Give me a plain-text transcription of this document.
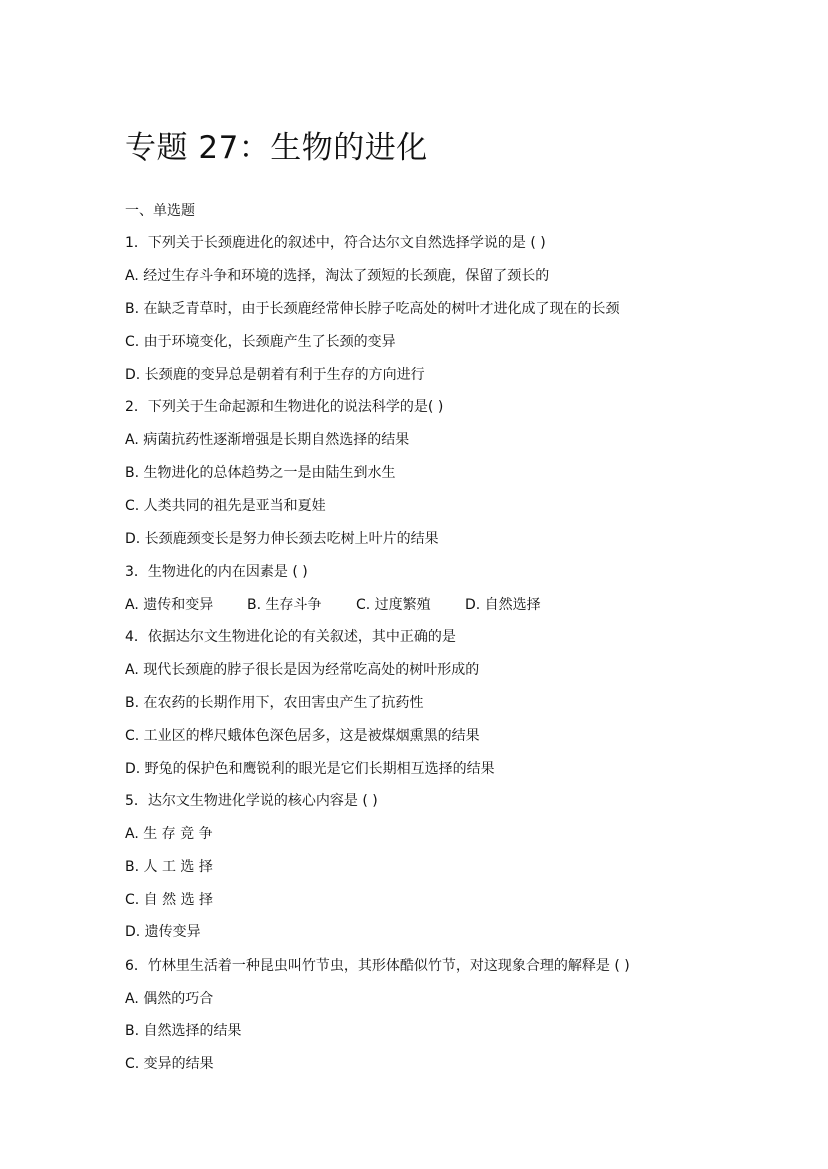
专题 27：生物的进化
一、单选题
1．下列关于长颈鹿进化的叙述中，符合达尔文自然选择学说的是 ( )
A. 经过生存斗争和环境的选择，淘汰了颈短的长颈鹿，保留了颈长的
B. 在缺乏青草时，由于长颈鹿经常伸长脖子吃高处的树叶才进化成了现在的长颈
C. 由于环境变化，长颈鹿产生了长颈的变异
D. 长颈鹿的变异总是朝着有利于生存的方向进行
2．下列关于生命起源和生物进化的说法科学的是( )
A. 病菌抗药性逐渐增强是长期自然选择的结果
B. 生物进化的总体趋势之一是由陆生到水生
C. 人类共同的祖先是亚当和夏娃
D. 长颈鹿颈变长是努力伸长颈去吃树上叶片的结果
3．生物进化的内在因素是 ( )
A. 遗传和变异 B. 生存斗争 C. 过度繁殖 D. 自然选择
4．依据达尔文生物进化论的有关叙述，其中正确的是
A. 现代长颈鹿的脖子很长是因为经常吃高处的树叶形成的
B. 在农药的长期作用下，农田害虫产生了抗药性
C. 工业区的桦尺蛾体色深色居多，这是被煤烟熏黑的结果
D. 野兔的保护色和鹰锐利的眼光是它们长期相互选择的结果
5．达尔文生物进化学说的核心内容是 ( )
A. 生 存 竞 争
B. 人 工 选 择
C. 自 然 选 择
D. 遗传变异
6．竹林里生活着一种昆虫叫竹节虫，其形体酷似竹节，对这现象合理的解释是 ( )
A. 偶然的巧合
B. 自然选择的结果
C. 变异的结果
